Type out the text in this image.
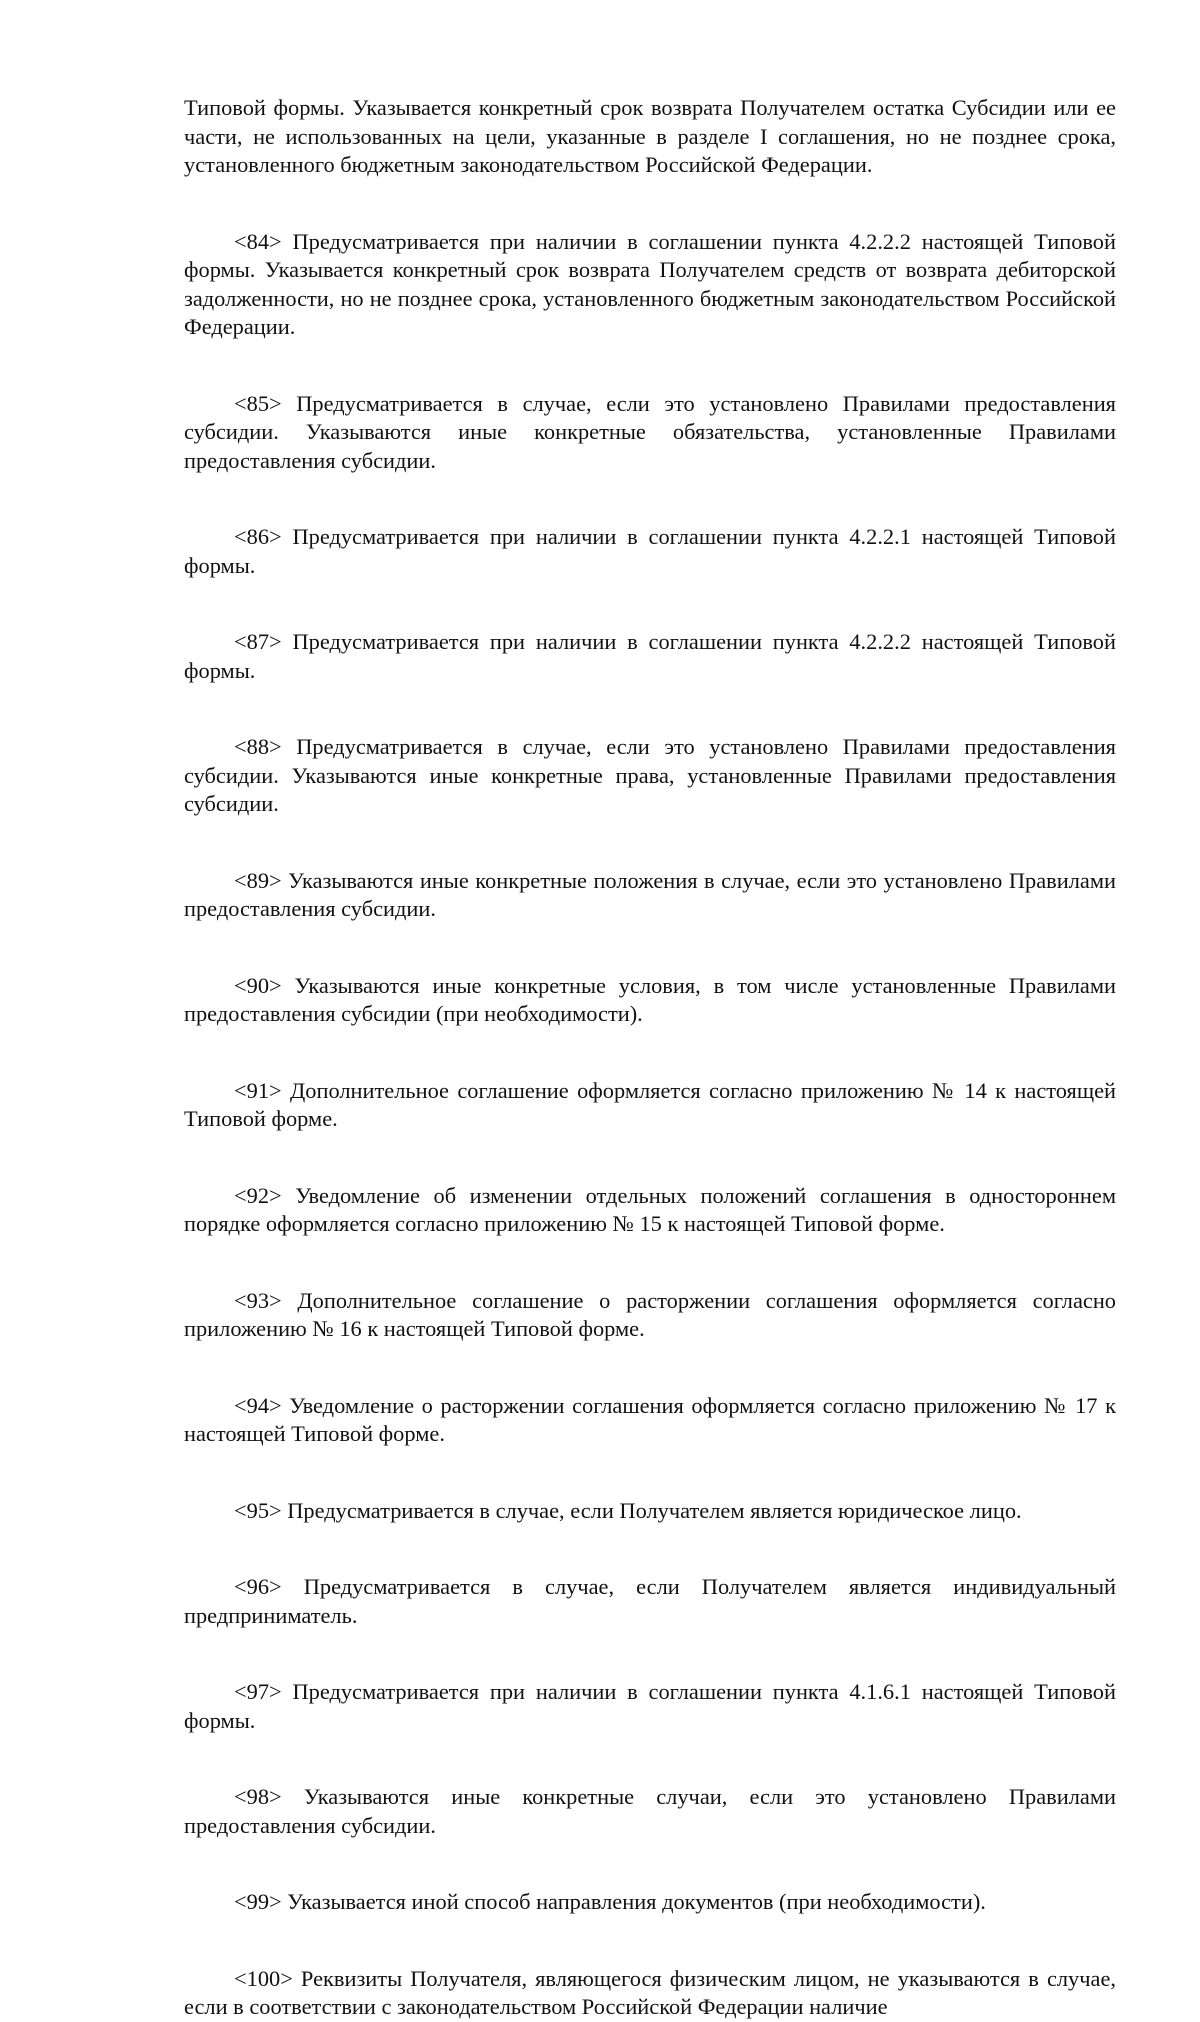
Типовой формы. Указывается конкретный срок возврата Получателем остатка Субсидии или ее части, не использованных на цели, указанные в разделе I соглашения, но не позднее срока, установленного бюджетным законодательством Российской Федерации.

<84> Предусматривается при наличии в соглашении пункта 4.2.2.2 настоящей Типовой формы. Указывается конкретный срок возврата Получателем средств от возврата дебиторской задолженности, но не позднее срока, установленного бюджетным законодательством Российской Федерации.

<85> Предусматривается в случае, если это установлено Правилами предоставления субсидии. Указываются иные конкретные обязательства, установленные Правилами предоставления субсидии.

<86> Предусматривается при наличии в соглашении пункта 4.2.2.1 настоящей Типовой формы.

<87> Предусматривается при наличии в соглашении пункта 4.2.2.2 настоящей Типовой формы.

<88> Предусматривается в случае, если это установлено Правилами предоставления субсидии. Указываются иные конкретные права, установленные Правилами предоставления субсидии.

<89> Указываются иные конкретные положения в случае, если это установлено Правилами предоставления субсидии.

<90> Указываются иные конкретные условия, в том числе установленные Правилами предоставления субсидии (при необходимости).

<91> Дополнительное соглашение оформляется согласно приложению № 14 к настоящей Типовой форме.

<92> Уведомление об изменении отдельных положений соглашения в одностороннем порядке оформляется согласно приложению № 15 к настоящей Типовой форме.

<93> Дополнительное соглашение о расторжении соглашения оформляется согласно приложению № 16 к настоящей Типовой форме.

<94> Уведомление о расторжении соглашения оформляется согласно приложению № 17 к настоящей Типовой форме.

<95> Предусматривается в случае, если Получателем является юридическое лицо.

<96> Предусматривается в случае, если Получателем является индивидуальный предприниматель.

<97> Предусматривается при наличии в соглашении пункта 4.1.6.1 настоящей Типовой формы.

<98> Указываются иные конкретные случаи, если это установлено Правилами предоставления субсидии.

<99> Указывается иной способ направления документов (при необходимости).

<100> Реквизиты Получателя, являющегося физическим лицом, не указываются в случае, если в соответствии с законодательством Российской Федерации наличие
